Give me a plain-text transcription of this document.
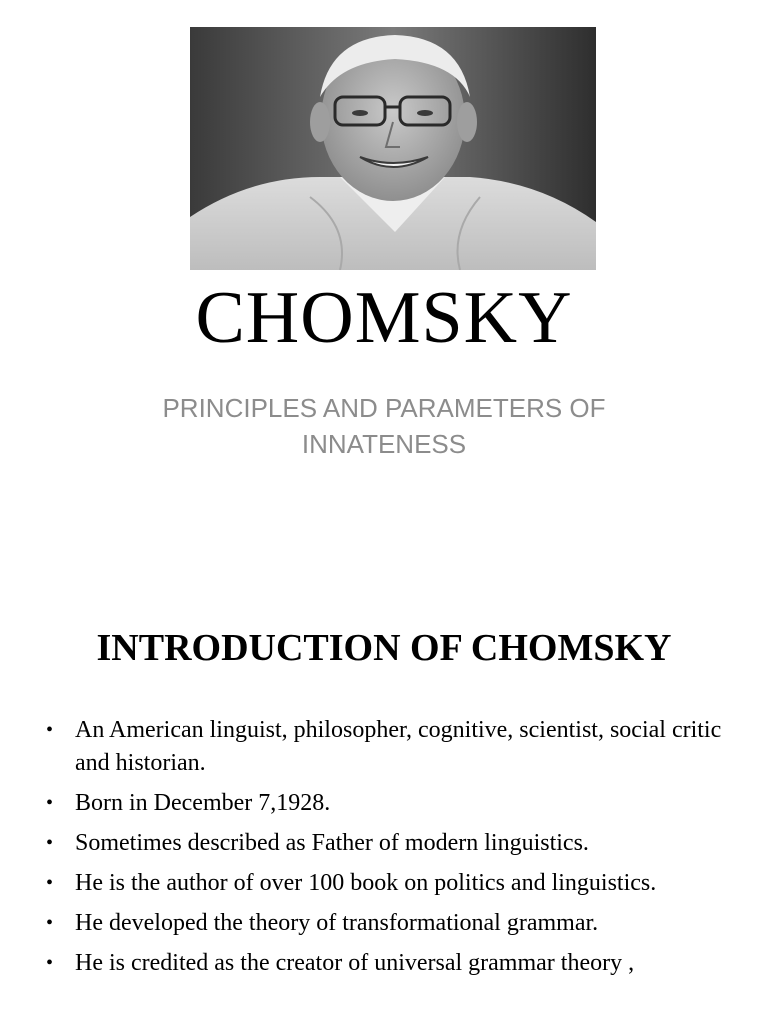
CHOMSKY
PRINCIPLES AND PARAMETERS OF INNATENESS
INTRODUCTION OF CHOMSKY
• An American linguist, philosopher, cognitive, scientist, social critic and historian.
• Born in December 7,1928.
• Sometimes described as Father of modern linguistics.
• He is the author of over 100 book on politics and linguistics.
• He developed the theory of transformational grammar.
• He is credited as the creator of universal grammar theory ,
